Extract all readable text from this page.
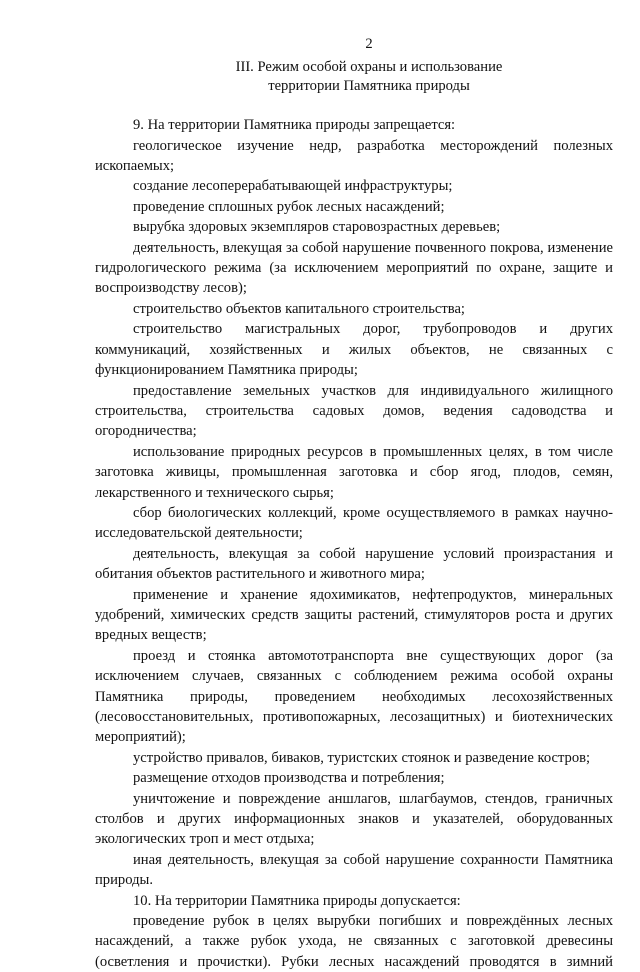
2
III. Режим особой охраны и использование
территории Памятника природы

9. На территории Памятника природы запрещается:

геологическое изучение недр, разработка месторождений полезных ископаемых;

создание лесоперерабатывающей инфраструктуры;

проведение сплошных рубок лесных насаждений;

вырубка здоровых экземпляров старовозрастных деревьев;

деятельность, влекущая за собой нарушение почвенного покрова, изменение гидрологического режима (за исключением мероприятий по охране, защите и воспроизводству лесов);

строительство объектов капитального строительства;

строительство магистральных дорог, трубопроводов и других коммуникаций, хозяйственных и жилых объектов, не связанных с функционированием Памятника природы;

предоставление земельных участков для индивидуального жилищного строительства, строительства садовых домов, ведения садоводства и огородничества;

использование природных ресурсов в промышленных целях, в том числе заготовка живицы, промышленная заготовка и сбор ягод, плодов, семян, лекарственного и технического сырья;

сбор биологических коллекций, кроме осуществляемого в рамках научно-исследовательской деятельности;

деятельность, влекущая за собой нарушение условий произрастания и обитания объектов растительного и животного мира;

применение и хранение ядохимикатов, нефтепродуктов, минеральных удобрений, химических средств защиты растений, стимуляторов роста и других вредных веществ;

проезд и стоянка автомототранспорта вне существующих дорог (за исключением случаев, связанных с соблюдением режима особой охраны Памятника природы, проведением необходимых лесохозяйственных (лесовосстановительных, противопожарных, лесозащитных) и биотехнических мероприятий);

устройство привалов, биваков, туристских стоянок и разведение костров;

размещение отходов производства и потребления;

уничтожение и повреждение аншлагов, шлагбаумов, стендов, граничных столбов и других информационных знаков и указателей, оборудованных экологических троп и мест отдыха;

иная деятельность, влекущая за собой нарушение сохранности Памятника природы.

10. На территории Памятника природы допускается:

проведение рубок в целях вырубки погибших и повреждённых лесных насаждений, а также рубок ухода, не связанных с заготовкой древесины (осветления и прочистки). Рубки лесных насаждений проводятся в зимний
